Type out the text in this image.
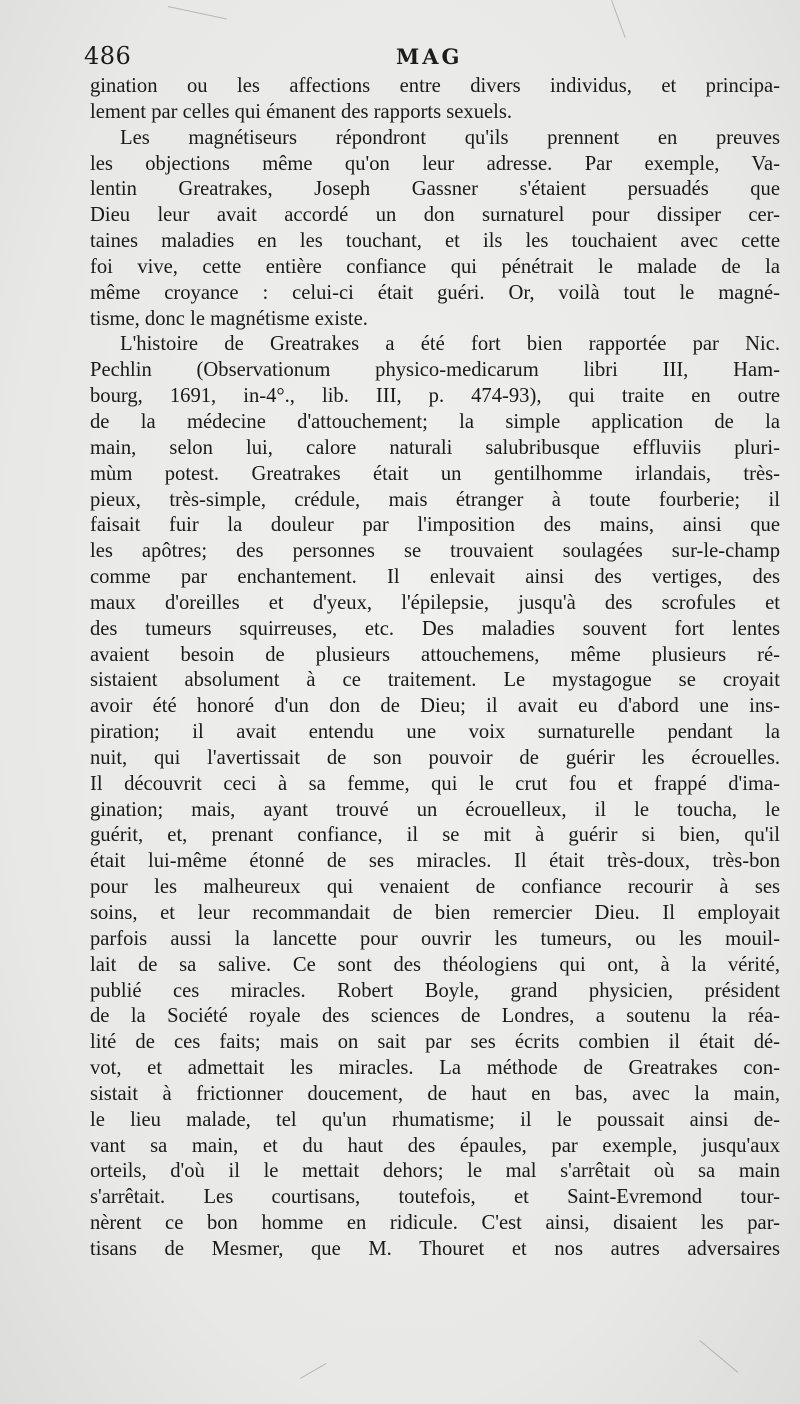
486	MAG
gination ou les affections entre divers individus, et principa-
lement par celles qui émanent des rapports sexuels.
Les magnétiseurs répondront qu'ils prennent en preuves
les objections même qu'on leur adresse. Par exemple, Va-
lentin Greatrakes, Joseph Gassner s'étaient persuadés que
Dieu leur avait accordé un don surnaturel pour dissiper cer-
taines maladies en les touchant, et ils les touchaient avec cette
foi vive, cette entière confiance qui pénétrait le malade de la
même croyance : celui-ci était guéri. Or, voilà tout le magné-
tisme, donc le magnétisme existe.
L'histoire de Greatrakes a été fort bien rapportée par Nic.
Pechlin (Observationum physico-medicarum libri III, Ham-
bourg, 1691, in-4°., lib. III, p. 474-93), qui traite en outre
de la médecine d'attouchement; la simple application de la
main, selon lui, calore naturali salubribusque effluviis pluri-
mùm potest. Greatrakes était un gentilhomme irlandais, très-
pieux, très-simple, crédule, mais étranger à toute fourberie; il
faisait fuir la douleur par l'imposition des mains, ainsi que
les apôtres; des personnes se trouvaient soulagées sur-le-champ
comme par enchantement. Il enlevait ainsi des vertiges, des
maux d'oreilles et d'yeux, l'épilepsie, jusqu'à des scrofules et
des tumeurs squirreuses, etc. Des maladies souvent fort lentes
avaient besoin de plusieurs attouchemens, même plusieurs ré-
sistaient absolument à ce traitement. Le mystagogue se croyait
avoir été honoré d'un don de Dieu; il avait eu d'abord une ins-
piration; il avait entendu une voix surnaturelle pendant la
nuit, qui l'avertissait de son pouvoir de guérir les écrouelles.
Il découvrit ceci à sa femme, qui le crut fou et frappé d'ima-
gination; mais, ayant trouvé un écrouelleux, il le toucha, le
guérit, et, prenant confiance, il se mit à guérir si bien, qu'il
était lui-même étonné de ses miracles. Il était très-doux, très-bon
pour les malheureux qui venaient de confiance recourir à ses
soins, et leur recommandait de bien remercier Dieu. Il employait
parfois aussi la lancette pour ouvrir les tumeurs, ou les mouil-
lait de sa salive. Ce sont des théologiens qui ont, à la vérité,
publié ces miracles. Robert Boyle, grand physicien, président
de la Société royale des sciences de Londres, a soutenu la réa-
lité de ces faits; mais on sait par ses écrits combien il était dé-
vot, et admettait les miracles. La méthode de Greatrakes con-
sistait à frictionner doucement, de haut en bas, avec la main,
le lieu malade, tel qu'un rhumatisme; il le poussait ainsi de-
vant sa main, et du haut des épaules, par exemple, jusqu'aux
orteils, d'où il le mettait dehors; le mal s'arrêtait où sa main
s'arrêtait. Les courtisans, toutefois, et Saint-Evremond tour-
nèrent ce bon homme en ridicule. C'est ainsi, disaient les par-
tisans de Mesmer, que M. Thouret et nos autres adversaires
